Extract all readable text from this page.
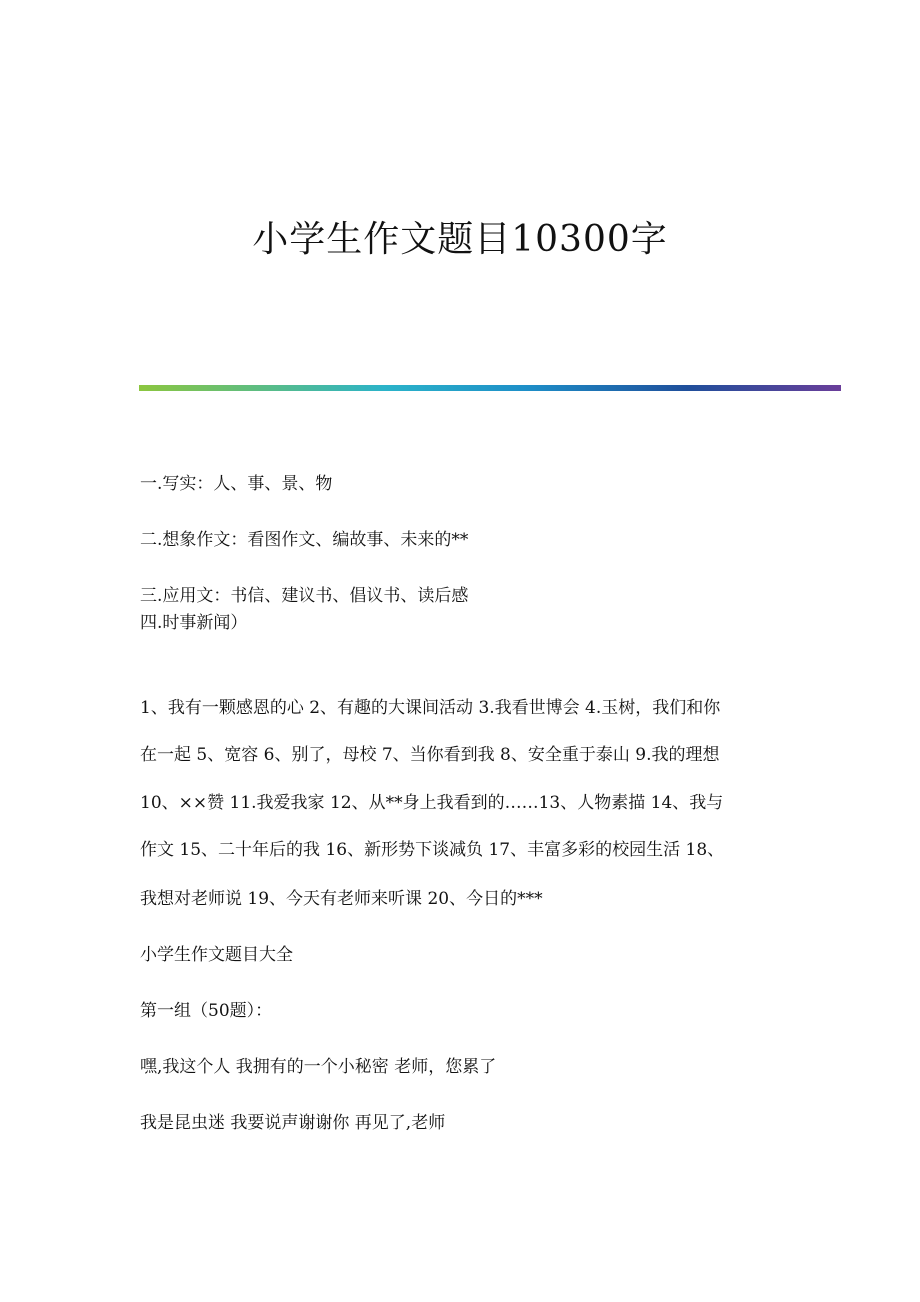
小学生作文题目10300字
一.写实：人、事、景、物
二.想象作文：看图作文、编故事、未来的**
三.应用文：书信、建议书、倡议书、读后感
四.时事新闻）
1、我有一颗感恩的心 2、有趣的大课间活动 3.我看世博会 4.玉树，我们和你
在一起 5、宽容 6、别了，母校 7、当你看到我 8、安全重于泰山 9.我的理想
10、××赞 11.我爱我家 12、从**身上我看到的……13、人物素描 14、我与
作文 15、二十年后的我 16、新形势下谈减负 17、丰富多彩的校园生活 18、
我想对老师说 19、今天有老师来听课 20、今日的***
小学生作文题目大全
第一组（50题）：
嘿,我这个人 我拥有的一个小秘密 老师，您累了
我是昆虫迷 我要说声谢谢你 再见了,老师
